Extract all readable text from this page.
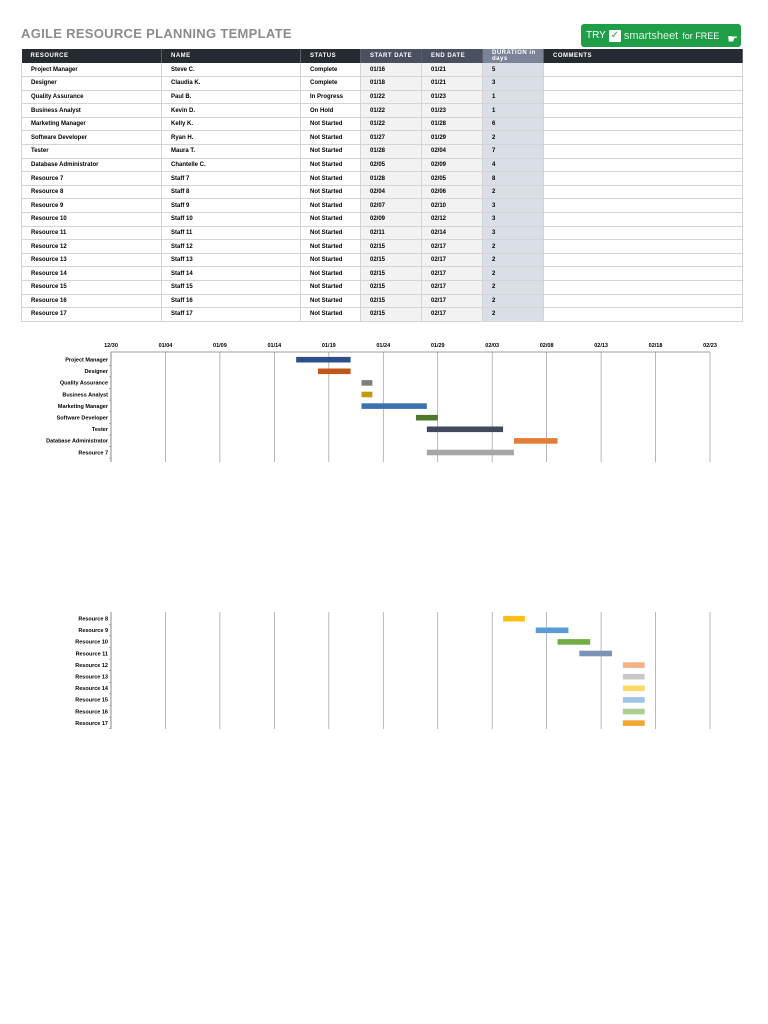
AGILE RESOURCE PLANNING TEMPLATE	TRY ✓ smartsheet for FREE ☛
RESOURCE	NAME	STATUS	START DATE	END DATE	DURATION in days	COMMENTS
Project Manager	Steve C.	Complete	01/16	01/21	5	
Designer	Claudia K.	Complete	01/18	01/21	3	
Quality Assurance	Paul B.	In Progress	01/22	01/23	1	
Business Analyst	Kevin D.	On Hold	01/22	01/23	1	
Marketing Manager	Kelly K.	Not Started	01/22	01/28	6	
Software Developer	Ryan H.	Not Started	01/27	01/29	2	
Tester	Maura T.	Not Started	01/28	02/04	7	
Database Administrator	Chantelle C.	Not Started	02/05	02/09	4	
Resource 7	Staff 7	Not Started	01/28	02/05	8	
Resource 8	Staff 8	Not Started	02/04	02/06	2	
Resource 9	Staff 9	Not Started	02/07	02/10	3	
Resource 10	Staff 10	Not Started	02/09	02/12	3	
Resource 11	Staff 11	Not Started	02/11	02/14	3	
Resource 12	Staff 12	Not Started	02/15	02/17	2	
Resource 13	Staff 13	Not Started	02/15	02/17	2	
Resource 14	Staff 14	Not Started	02/15	02/17	2	
Resource 15	Staff 15	Not Started	02/15	02/17	2	
Resource 16	Staff 16	Not Started	02/15	02/17	2	
Resource 17	Staff 17	Not Started	02/15	02/17	2	
12/30	01/04	01/09	01/14	01/19	01/24	01/29	02/03	02/08	02/13	02/18	02/23
Project Manager
Designer
Quality Assurance
Business Analyst
Marketing Manager
Software Developer
Tester
Database Administrator
Resource 7
Resource 8
Resource 9
Resource 10
Resource 11
Resource 12
Resource 13
Resource 14
Resource 15
Resource 16
Resource 17
